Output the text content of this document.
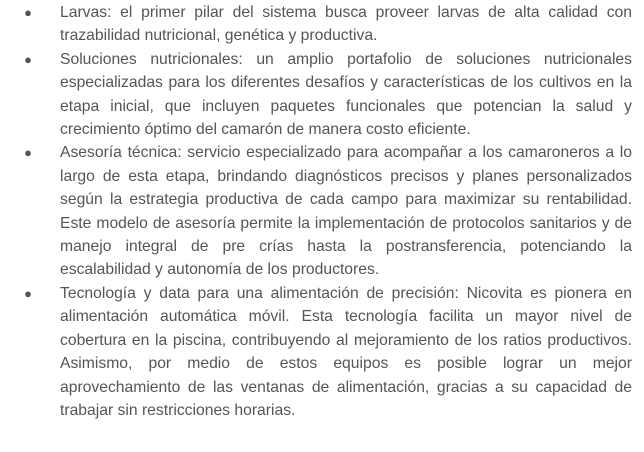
● Larvas: el primer pilar del sistema busca proveer larvas de alta calidad con trazabilidad nutricional, genética y productiva.
● Soluciones nutricionales: un amplio portafolio de soluciones nutricionales especializadas para los diferentes desafíos y características de los cultivos en la etapa inicial, que incluyen paquetes funcionales que potencian la salud y crecimiento óptimo del camarón de manera costo eficiente.
● Asesoría técnica: servicio especializado para acompañar a los camaroneros a lo largo de esta etapa, brindando diagnósticos precisos y planes personalizados según la estrategia productiva de cada campo para maximizar su rentabilidad. Este modelo de asesoría permite la implementación de protocolos sanitarios y de manejo integral de pre crías hasta la postransferencia, potenciando la escalabilidad y autonomía de los productores.
● Tecnología y data para una alimentación de precisión: Nicovita es pionera en alimentación automática móvil. Esta tecnología facilita un mayor nivel de cobertura en la piscina, contribuyendo al mejoramiento de los ratios productivos. Asimismo, por medio de estos equipos es posible lograr un mejor aprovechamiento de las ventanas de alimentación, gracias a su capacidad de trabajar sin restricciones horarias.
